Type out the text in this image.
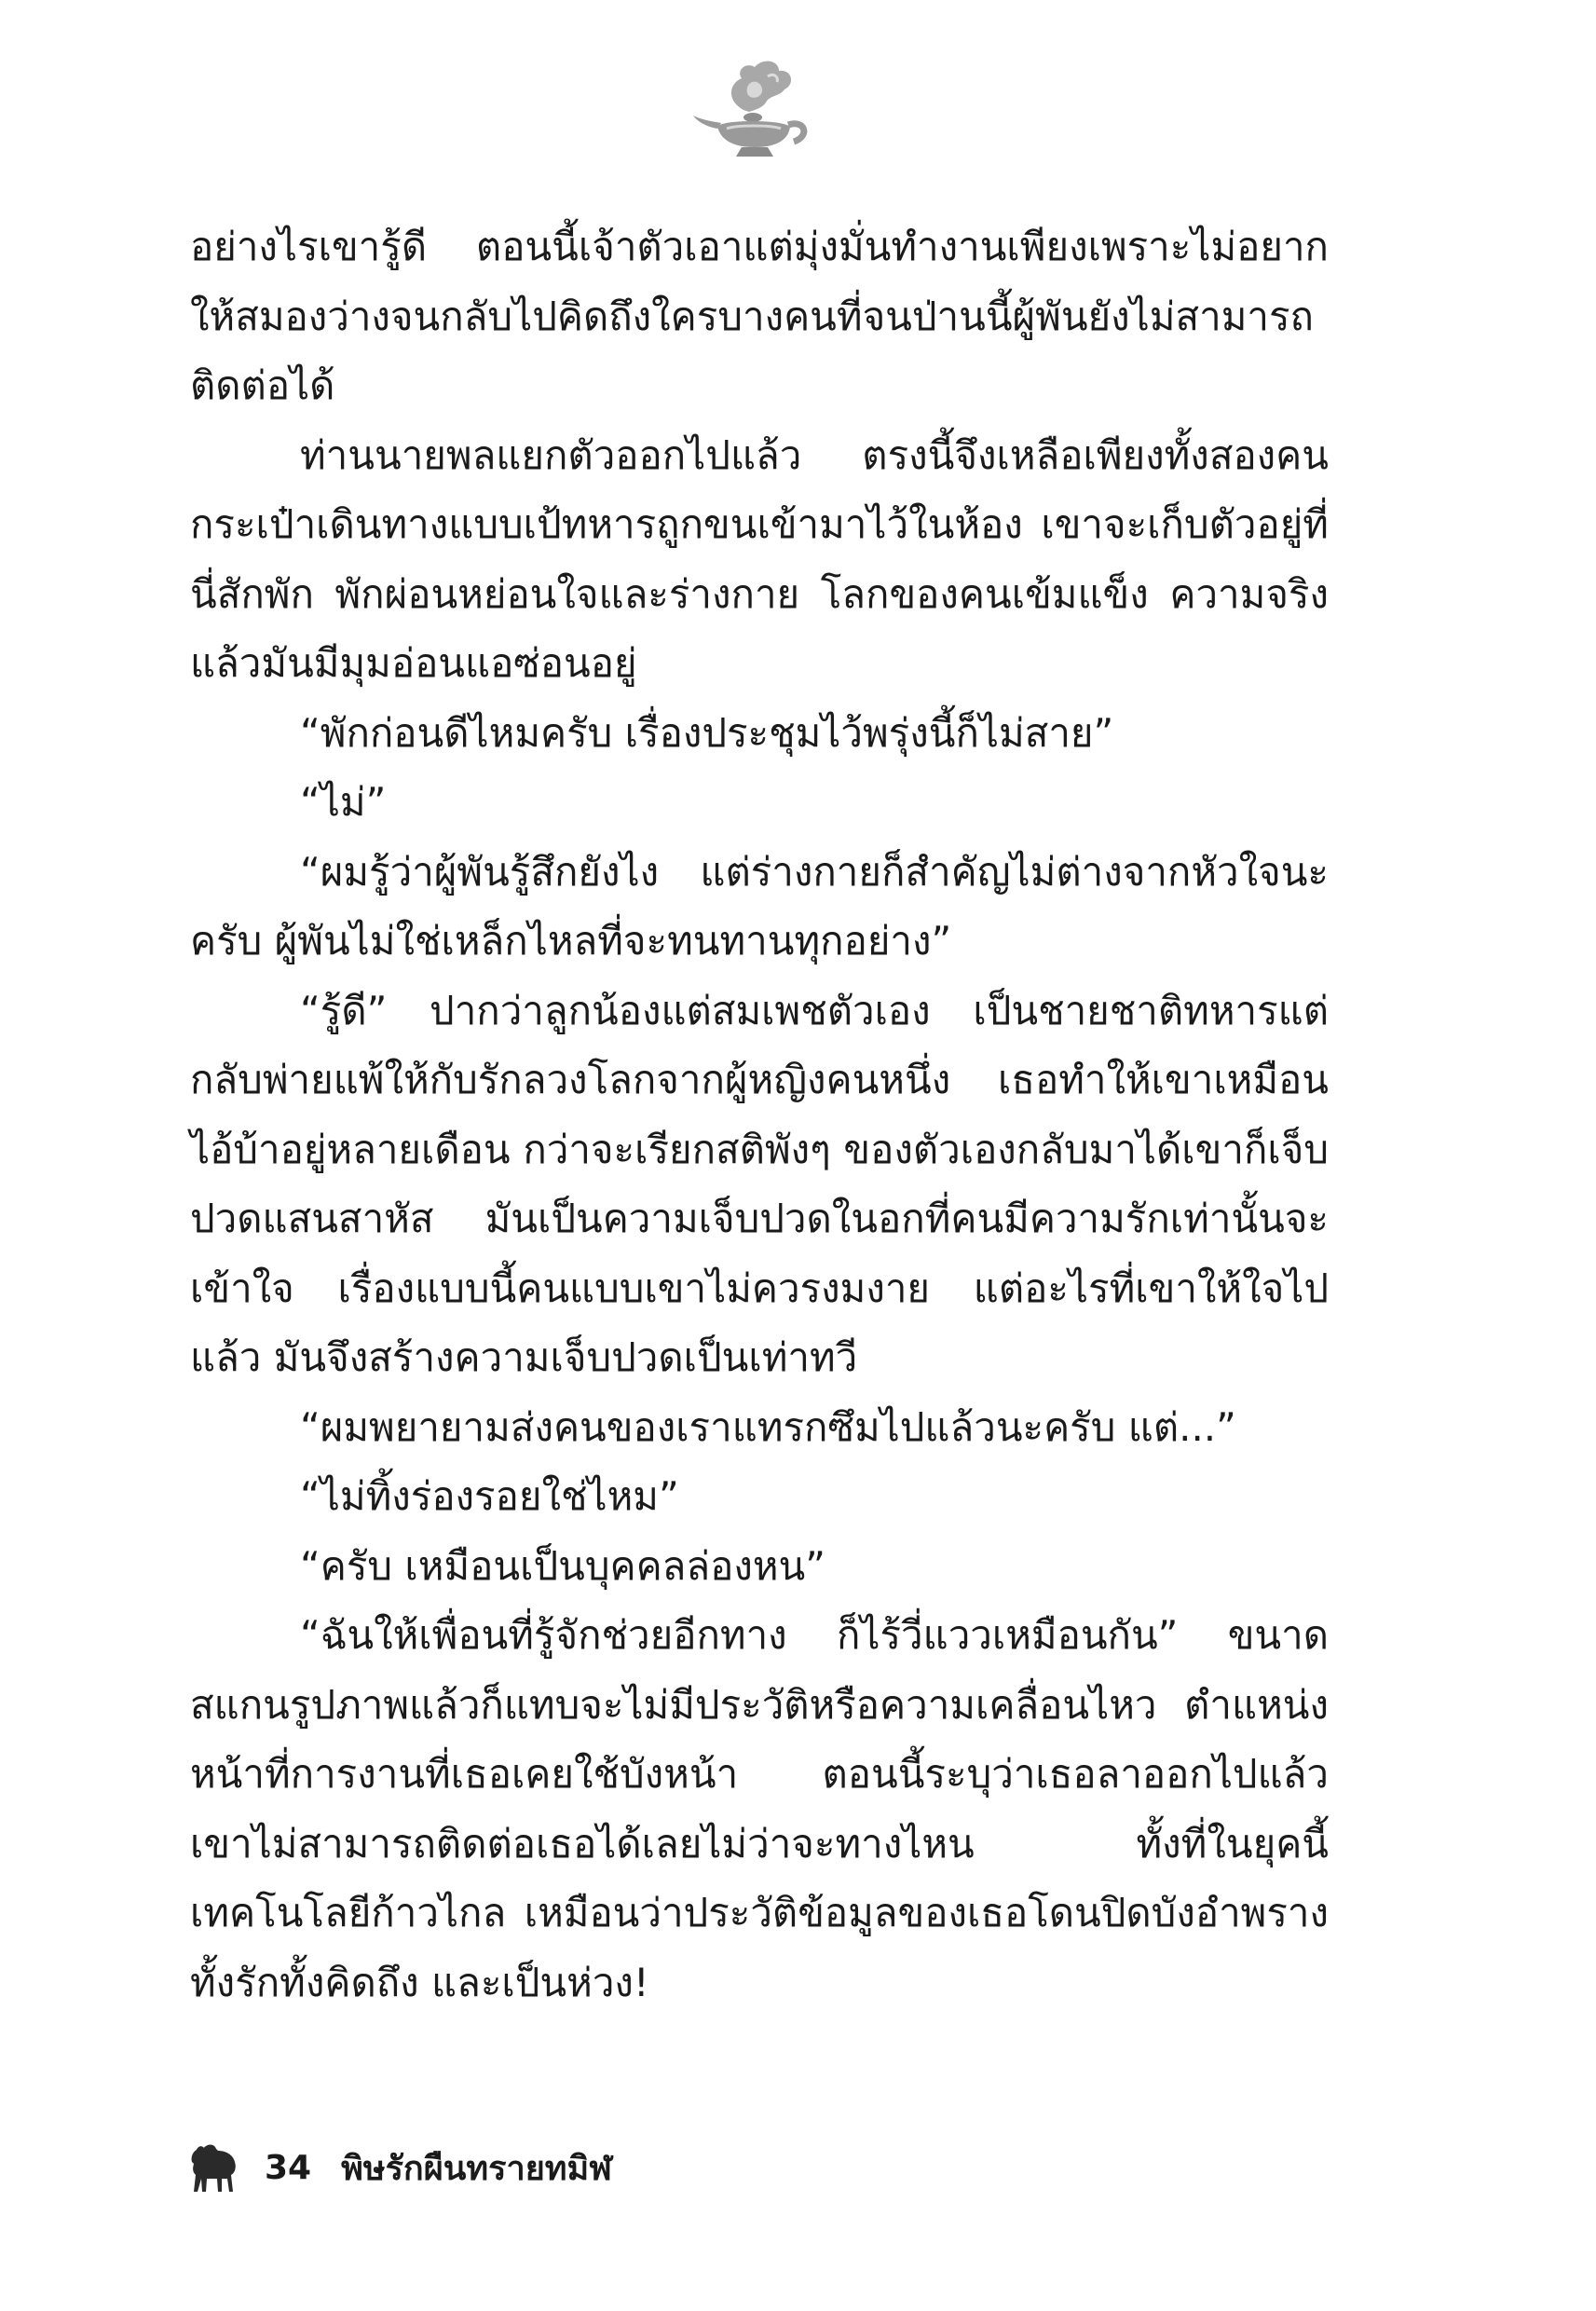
อย่างไรเขารู้ดี ตอนนี้เจ้าตัวเอาแต่มุ่งมั่นทำงานเพียงเพราะไม่อยากให้สมองว่างจนกลับไปคิดถึงใครบางคนที่จนป่านนี้ผู้พันยังไม่สามารถติดต่อได้

ท่านนายพลแยกตัวออกไปแล้ว ตรงนี้จึงเหลือเพียงทั้งสองคน กระเป๋าเดินทางแบบเป้ทหารถูกขนเข้ามาไว้ในห้อง เขาจะเก็บตัวอยู่ที่นี่สักพัก พักผ่อนหย่อนใจและร่างกาย โลกของคนเข้มแข็ง ความจริงแล้วมันมีมุมอ่อนแอซ่อนอยู่

“พักก่อนดีไหมครับ เรื่องประชุมไว้พรุ่งนี้ก็ไม่สาย”

“ไม่”

“ผมรู้ว่าผู้พันรู้สึกยังไง แต่ร่างกายก็สำคัญไม่ต่างจากหัวใจนะครับ ผู้พันไม่ใช่เหล็กไหลที่จะทนทานทุกอย่าง”

“รู้ดี” ปากว่าลูกน้องแต่สมเพชตัวเอง เป็นชายชาติทหารแต่กลับพ่ายแพ้ให้กับรักลวงโลกจากผู้หญิงคนหนึ่ง เธอทำให้เขาเหมือนไอ้บ้าอยู่หลายเดือน กว่าจะเรียกสติพังๆ ของตัวเองกลับมาได้เขาก็เจ็บปวดแสนสาหัส มันเป็นความเจ็บปวดในอกที่คนมีความรักเท่านั้นจะเข้าใจ เรื่องแบบนี้คนแบบเขาไม่ควรงมงาย แต่อะไรที่เขาให้ใจไปแล้ว มันจึงสร้างความเจ็บปวดเป็นเท่าทวี

“ผมพยายามส่งคนของเราแทรกซึมไปแล้วนะครับ แต่...”

“ไม่ทิ้งร่องรอยใช่ไหม”

“ครับ เหมือนเป็นบุคคลล่องหน”

“ฉันให้เพื่อนที่รู้จักช่วยอีกทาง ก็ไร้วี่แววเหมือนกัน” ขนาดสแกนรูปภาพแล้วก็แทบจะไม่มีประวัติหรือความเคลื่อนไหว ตำแหน่งหน้าที่การงานที่เธอเคยใช้บังหน้า ตอนนี้ระบุว่าเธอลาออกไปแล้ว เขาไม่สามารถติดต่อเธอได้เลยไม่ว่าจะทางไหน ทั้งที่ในยุคนี้เทคโนโลยีก้าวไกล เหมือนว่าประวัติข้อมูลของเธอโดนปิดบังอำพราง ทั้งรักทั้งคิดถึง และเป็นห่วง!

34 พิษรักผืนทรายทมิฬ
